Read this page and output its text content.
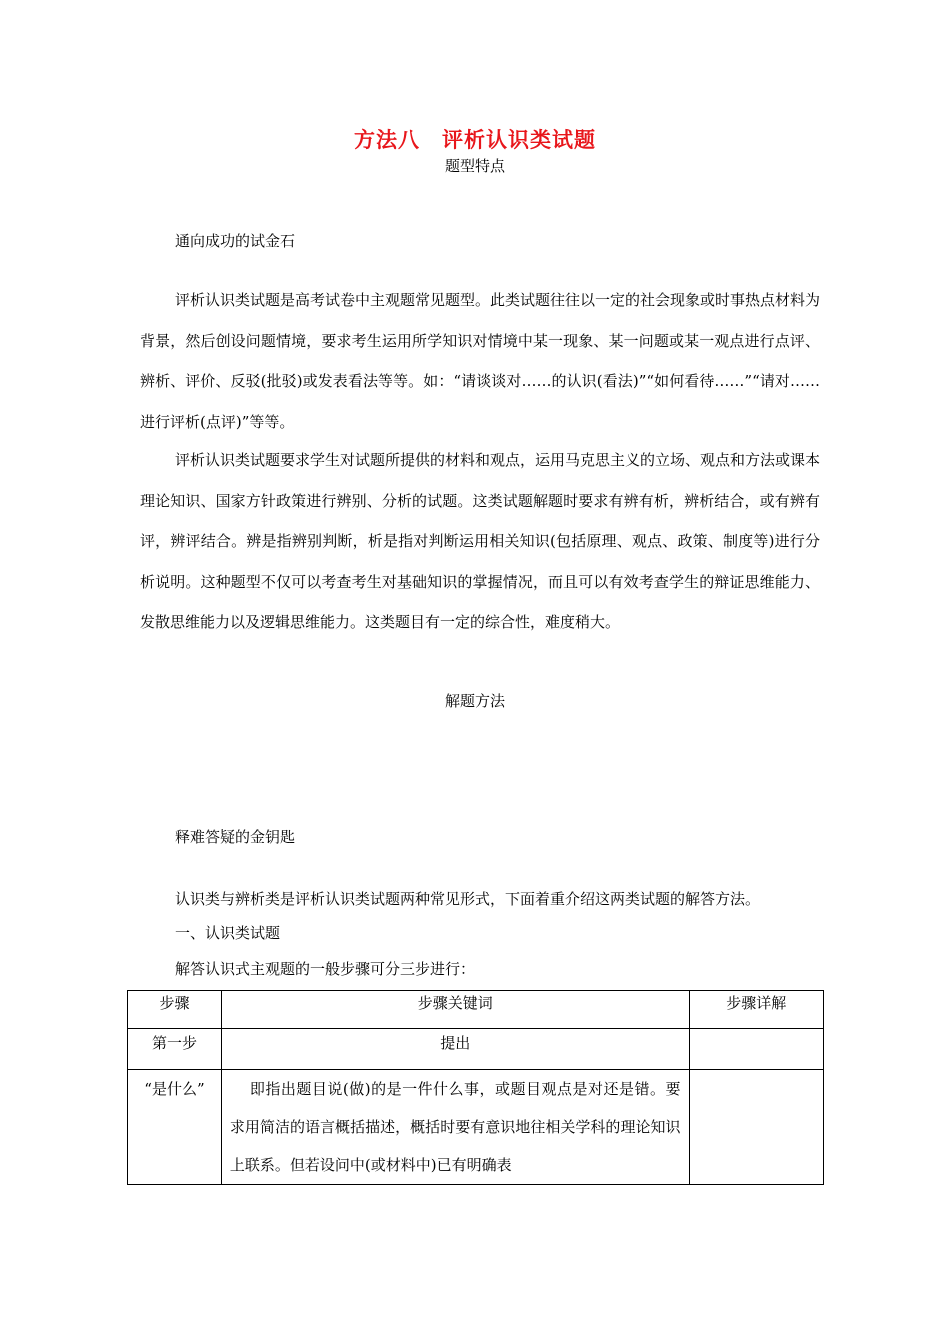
方法八　评析认识类试题
题型特点
通向成功的试金石

评析认识类试题是高考试卷中主观题常见题型。此类试题往往以一定的社会现象或时事热点材料为背景，然后创设问题情境，要求考生运用所学知识对情境中某一现象、某一问题或某一观点进行点评、辨析、评价、反驳(批驳)或发表看法等等。如：“请谈谈对……的认识(看法)”“如何看待……”“请对……进行评析(点评)”等等。

评析认识类试题要求学生对试题所提供的材料和观点，运用马克思主义的立场、观点和方法或课本理论知识、国家方针政策进行辨别、分析的试题。这类试题解题时要求有辨有析，辨析结合，或有辨有评，辨评结合。辨是指辨别判断，析是指对判断运用相关知识(包括原理、观点、政策、制度等)进行分析说明。这种题型不仅可以考查考生对基础知识的掌握情况，而且可以有效考查学生的辩证思维能力、发散思维能力以及逻辑思维能力。这类题目有一定的综合性，难度稍大。

解题方法
释难答疑的金钥匙
认识类与辨析类是评析认识类试题两种常见形式，下面着重介绍这两类试题的解答方法。
一、认识类试题
解答认识式主观题的一般步骤可分三步进行：
步骤	步骤关键词	步骤详解

第一步	提出	

“是什么”	即指出题目说(做)的是一件什么事，或题目观点是对还是错。要求用简洁的语言概括描述，概括时要有意识地往相关学科的理论知识上联系。但若设问中(或材料中)已有明确表	
